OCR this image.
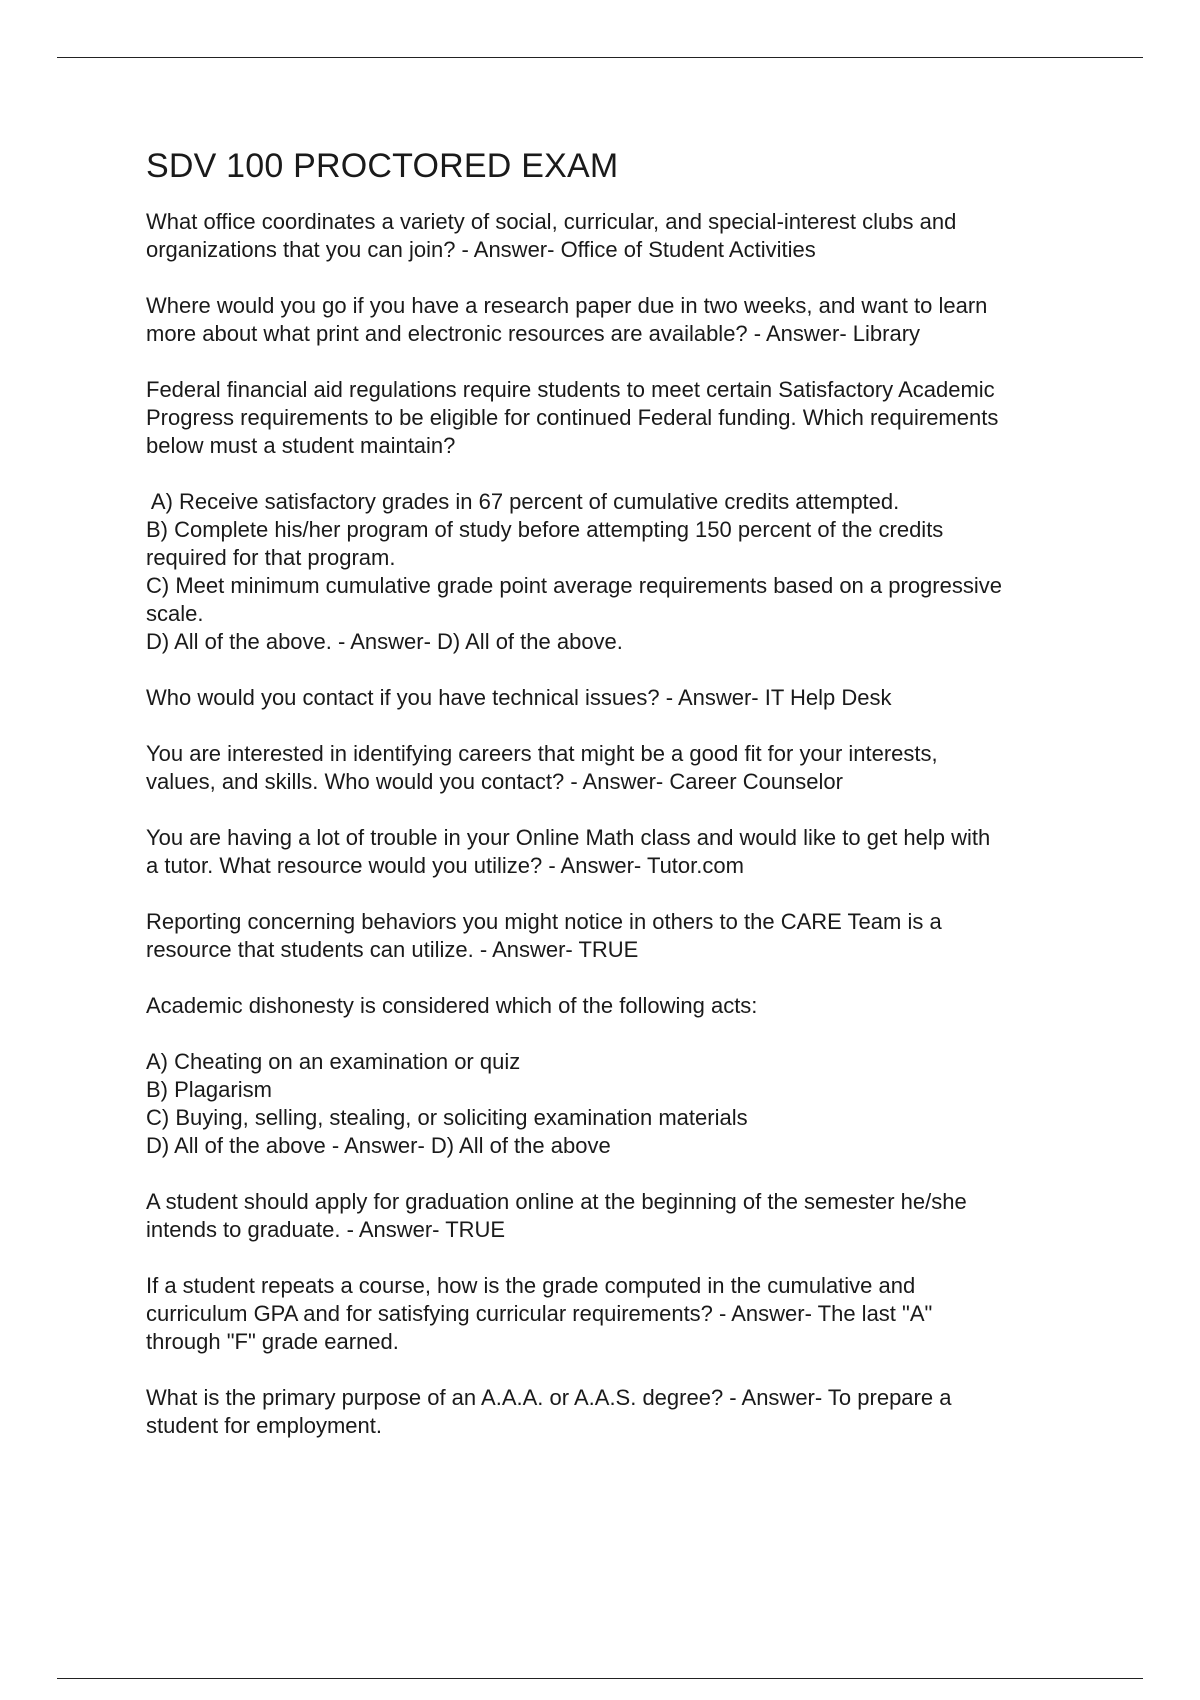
SDV 100 PROCTORED EXAM
What office coordinates a variety of social, curricular, and special-interest clubs and
organizations that you can join? - Answer- Office of Student Activities
Where would you go if you have a research paper due in two weeks, and want to learn
more about what print and electronic resources are available? - Answer- Library
Federal financial aid regulations require students to meet certain Satisfactory Academic
Progress requirements to be eligible for continued Federal funding. Which requirements
below must a student maintain?
A) Receive satisfactory grades in 67 percent of cumulative credits attempted.
B) Complete his/her program of study before attempting 150 percent of the credits
required for that program.
C) Meet minimum cumulative grade point average requirements based on a progressive
scale.
D) All of the above. - Answer- D) All of the above.
Who would you contact if you have technical issues? - Answer- IT Help Desk
You are interested in identifying careers that might be a good fit for your interests,
values, and skills. Who would you contact? - Answer- Career Counselor
You are having a lot of trouble in your Online Math class and would like to get help with
a tutor. What resource would you utilize? - Answer- Tutor.com
Reporting concerning behaviors you might notice in others to the CARE Team is a
resource that students can utilize. - Answer- TRUE
Academic dishonesty is considered which of the following acts:
A) Cheating on an examination or quiz
B) Plagarism
C) Buying, selling, stealing, or soliciting examination materials
D) All of the above - Answer- D) All of the above
A student should apply for graduation online at the beginning of the semester he/she
intends to graduate. - Answer- TRUE
If a student repeats a course, how is the grade computed in the cumulative and
curriculum GPA and for satisfying curricular requirements? - Answer- The last "A"
through "F" grade earned.
What is the primary purpose of an A.A.A. or A.A.S. degree? - Answer- To prepare a
student for employment.
